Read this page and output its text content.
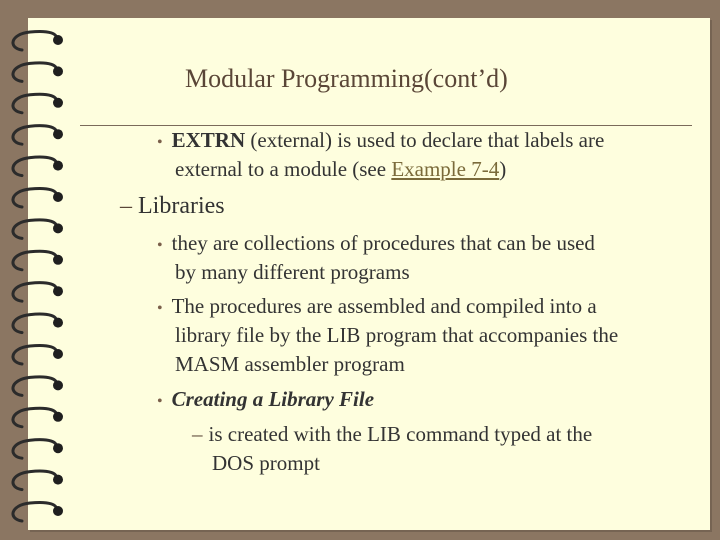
Modular Programming(cont’d)
• EXTRN (external) is used to declare that labels are
external to a module (see Example 7-4)
– Libraries
• they are collections of procedures that can be used
by many different programs
• The procedures are assembled and compiled into a
library file by the LIB program that accompanies the
MASM assembler program
• Creating a Library File
– is created with the LIB command typed at the
DOS prompt
